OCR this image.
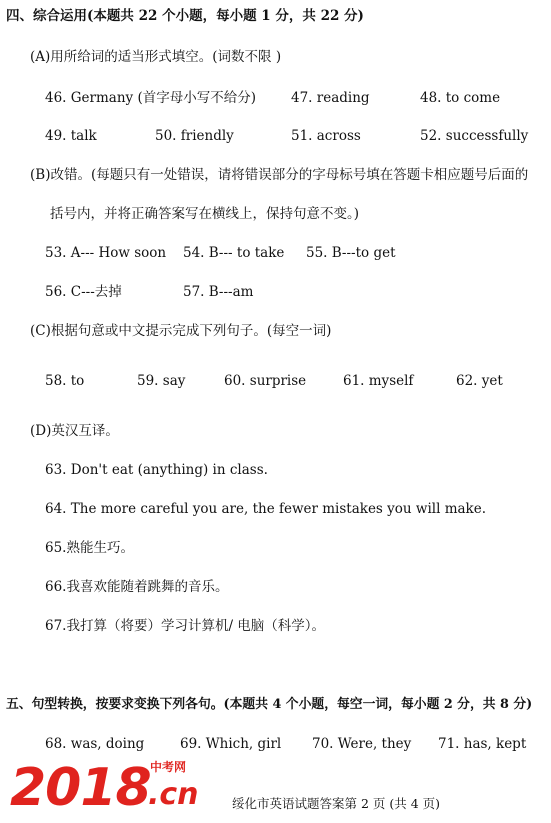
四、综合运用(本题共 22 个小题，每小题 1 分，共 22 分)
(A)用所给词的适当形式填空。(词数不限 )
46. Germany (首字母小写不给分)	47. reading	48. to come
49. talk	50. friendly	51. across	52. successfully
(B)改错。(每题只有一处错误，请将错误部分的字母标号填在答题卡相应题号后面的
括号内，并将正确答案写在横线上，保持句意不变。)
53. A--- How soon 54. B--- to take 55. B---to get
56. C---去掉	57. B---am
(C)根据句意或中文提示完成下列句子。(每空一词)
58. to	59. say	60. surprise	61. myself	62. yet
(D)英汉互译。
63. Don't eat (anything) in class.
64. The more careful you are, the fewer mistakes you will make.
65.熟能生巧。
66.我喜欢能随着跳舞的音乐。
67.我打算（将要）学习计算机/ 电脑（科学）。
五、句型转换，按要求变换下列各句。(本题共 4 个小题，每空一词，每小题 2 分，共 8 分)
68. was, doing	69. Which, girl 70. Were, they 71. has, kept
绥化市英语试题答案第 2 页 (共 4 页)
2018 中考网
.cn
